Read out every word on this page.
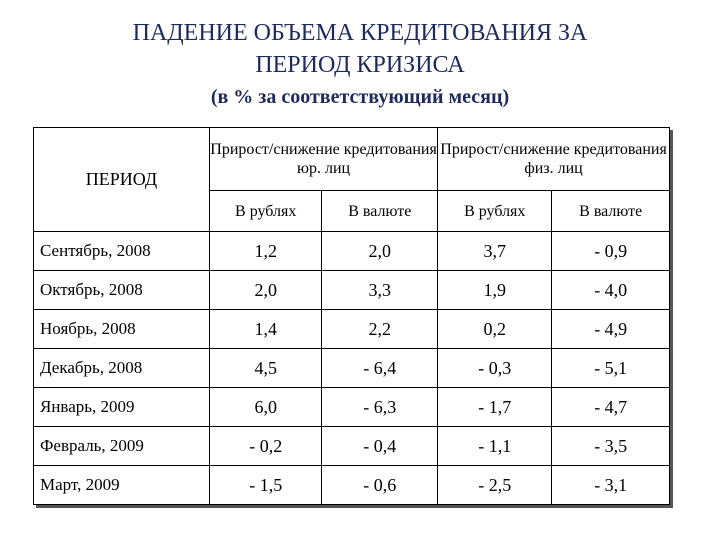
ПАДЕНИЕ ОБЪЕМА КРЕДИТОВАНИЯ ЗА
ПЕРИОД КРИЗИСА
(в % за соответствующий месяц)
ПЕРИОД	Прирост/снижение кредитования юр. лиц		Прирост/снижение кредитования физ. лиц	
	В рублях	В валюте	В рублях	В валюте
Сентябрь, 2008	1,2	2,0	3,7	- 0,9
Октябрь, 2008	2,0	3,3	1,9	- 4,0
Ноябрь, 2008	1,4	2,2	0,2	- 4,9
Декабрь, 2008	4,5	- 6,4	- 0,3	- 5,1
Январь, 2009	6,0	- 6,3	- 1,7	- 4,7
Февраль, 2009	- 0,2	- 0,4	- 1,1	- 3,5
Март, 2009	- 1,5	- 0,6	- 2,5	- 3,1
